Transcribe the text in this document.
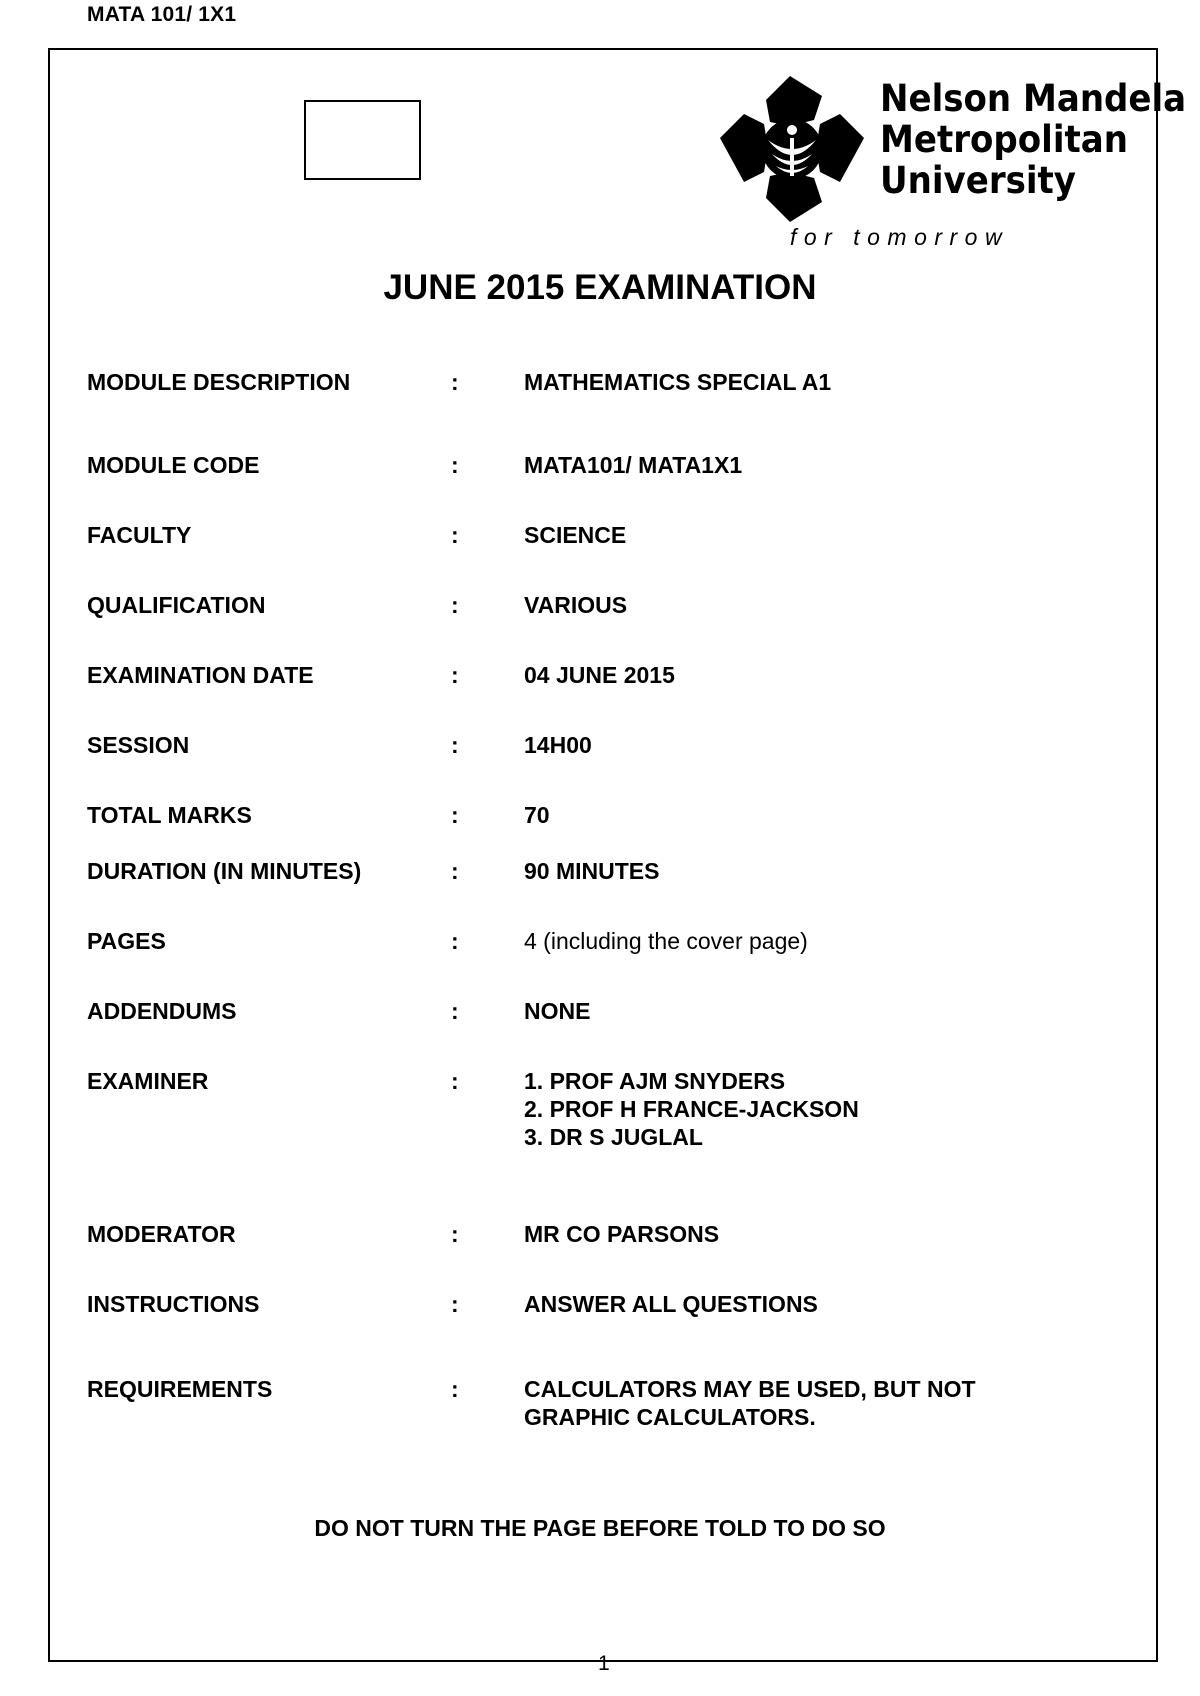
MATA 101/ 1X1
Nelson Mandela
Metropolitan
University
for tomorrow
JUNE 2015 EXAMINATION
MODULE DESCRIPTION	:	MATHEMATICS SPECIAL A1
MODULE CODE	:	MATA101/ MATA1X1
FACULTY	:	SCIENCE
QUALIFICATION	:	VARIOUS
EXAMINATION DATE	:	04 JUNE 2015
SESSION	:	14H00
TOTAL MARKS	:	70
DURATION (IN MINUTES)	:	90 MINUTES
PAGES	:	4 (including the cover page)
ADDENDUMS	:	NONE
EXAMINER	:	1. PROF AJM SNYDERS
2. PROF H FRANCE-JACKSON
3. DR S JUGLAL
MODERATOR	:	MR CO PARSONS
INSTRUCTIONS	:	ANSWER ALL QUESTIONS
REQUIREMENTS	:	CALCULATORS MAY BE USED, BUT NOT
GRAPHIC CALCULATORS.
DO NOT TURN THE PAGE BEFORE TOLD TO DO SO
1
